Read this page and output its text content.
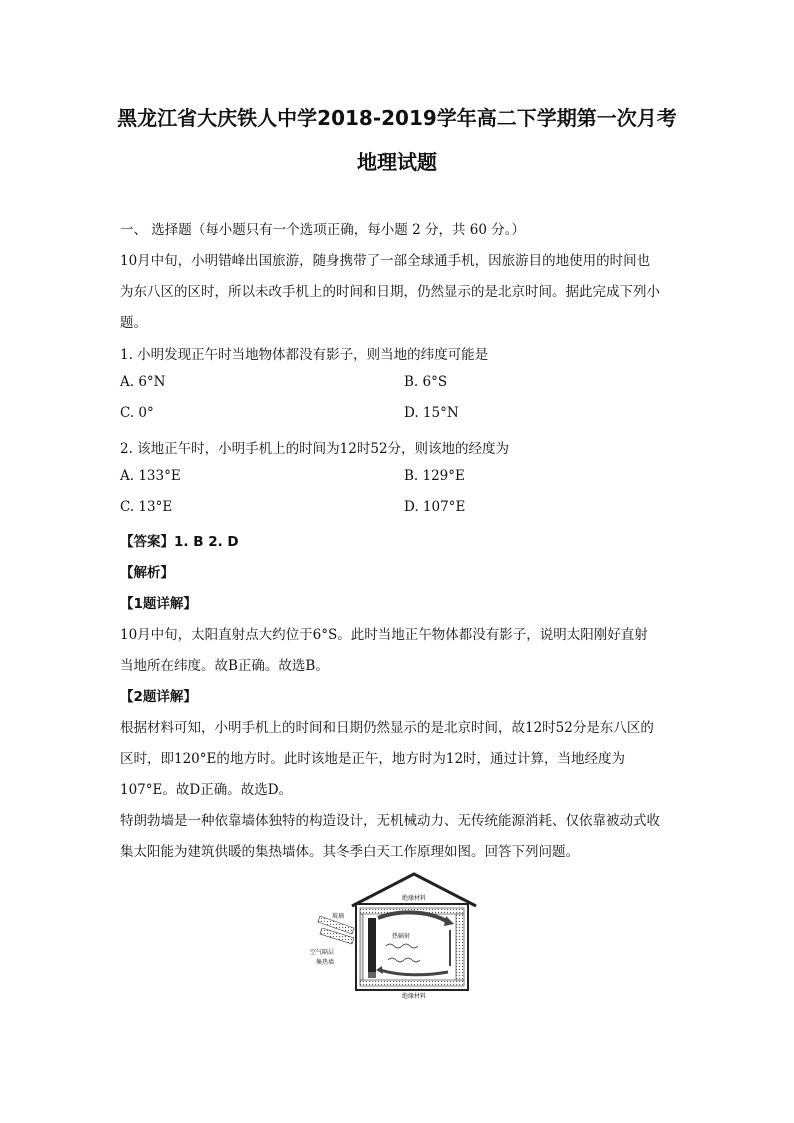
黑龙江省大庆铁人中学2018-2019学年高二下学期第一次月考
地理试题
一、 选择题（每小题只有一个选项正确，每小题 2 分，共 60 分。）
10月中旬，小明错峰出国旅游，随身携带了一部全球通手机，因旅游目的地使用的时间也
为东八区的区时，所以未改手机上的时间和日期，仍然显示的是北京时间。据此完成下列小
题。
1. 小明发现正午时当地物体都没有影子，则当地的纬度可能是
A. 6°N	B. 6°S
C. 0°	D. 15°N
2. 该地正午时，小明手机上的时间为12时52分，则该地的经度为
A. 133°E	B. 129°E
C. 13°E	D. 107°E
【答案】1. B 2. D
【解析】
【1题详解】
10月中旬，太阳直射点大约位于6°S。此时当地正午物体都没有影子，说明太阳刚好直射
当地所在纬度。故B正确。故选B。
【2题详解】
根据材料可知，小明手机上的时间和日期仍然显示的是北京时间，故12时52分是东八区的
区时，即120°E的地方时。此时该地是正午，地方时为12时，通过计算，当地经度为
107°E。故D正确。故选D。
特朗勃墙是一种依靠墙体独特的构造设计，无机械动力、无传统能源消耗、仅依靠被动式收
集太阳能为建筑供暖的集热墙体。其冬季白天工作原理如图。回答下列问题。
绝缘材料
玻璃
热辐射
空气隔层
集热墙
绝缘材料
